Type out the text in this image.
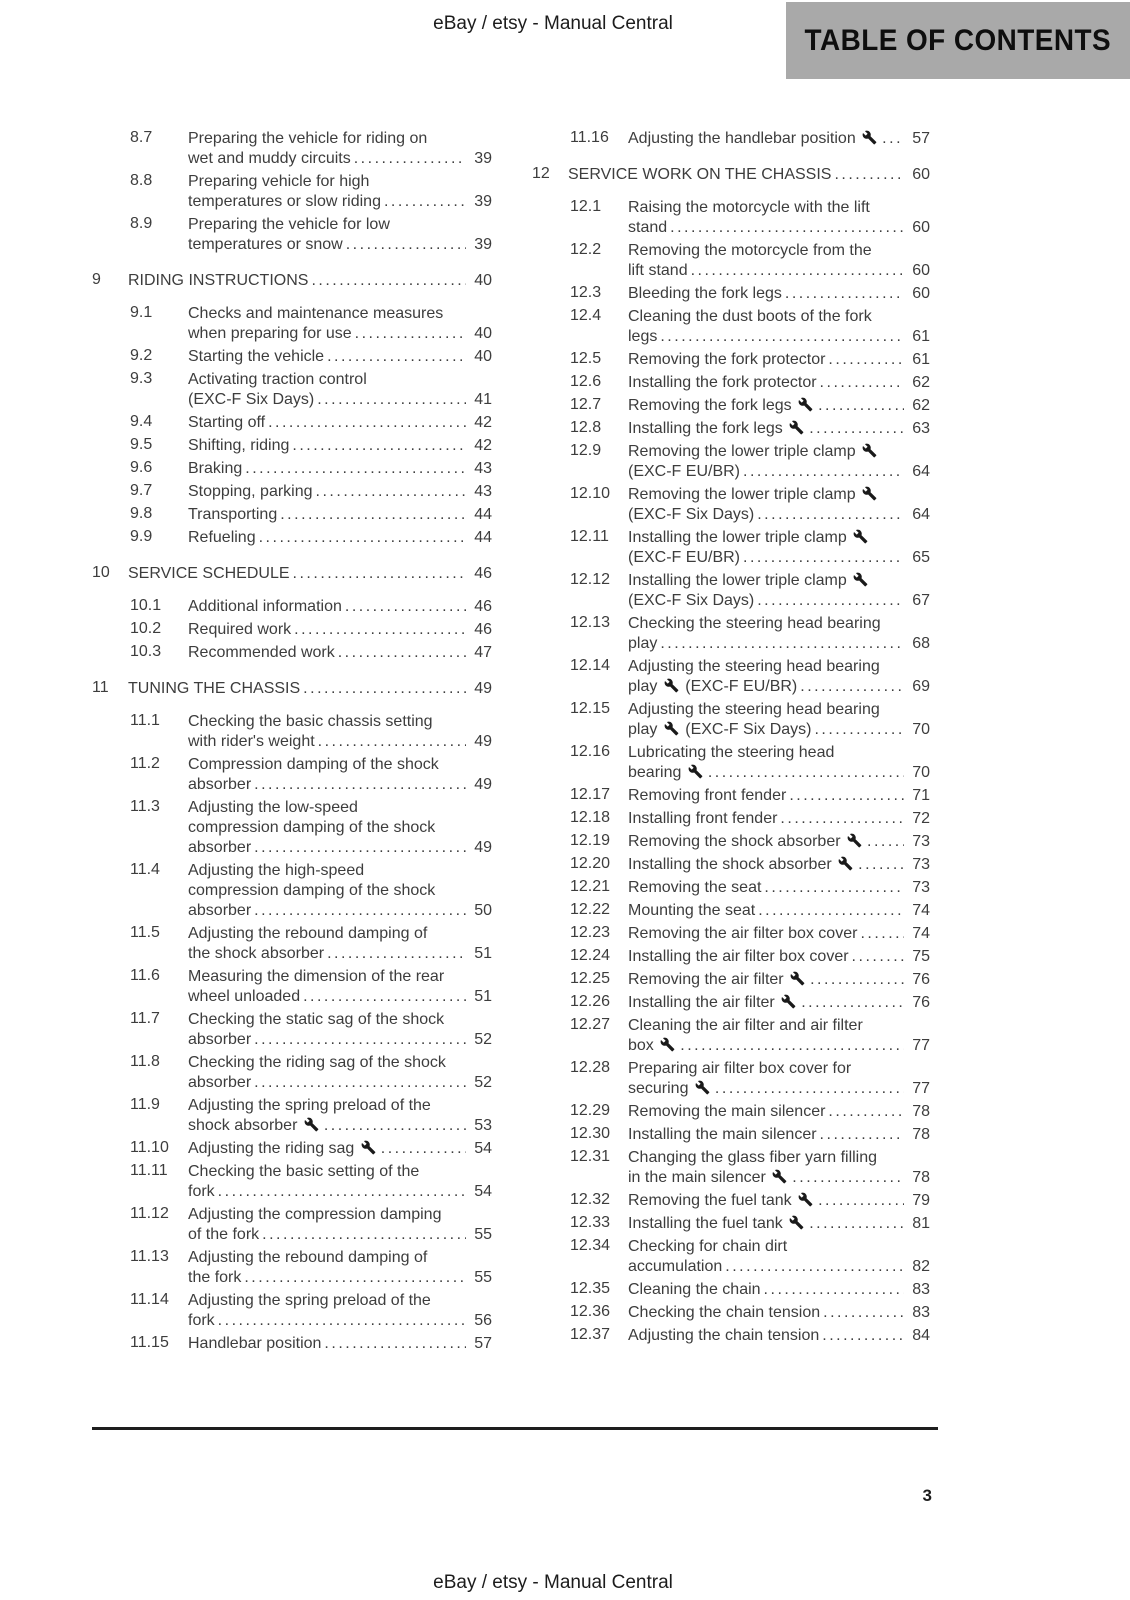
eBay / etsy - Manual Central	TABLE OF CONTENTS
8.7	Preparing the vehicle for riding on
wet and muddy circuits .....	39
8.8	Preparing vehicle for high
temperatures or slow riding .....	39
8.9	Preparing the vehicle for low
temperatures or snow .....	39
9	RIDING INSTRUCTIONS .....	40
9.1	Checks and maintenance measures
when preparing for use .....	40
9.2	Starting the vehicle .....	40
9.3	Activating traction control
(EXC-F Six Days) .....	41
9.4	Starting off .....	42
9.5	Shifting, riding .....	42
9.6	Braking .....	43
9.7	Stopping, parking .....	43
9.8	Transporting .....	44
9.9	Refueling .....	44
10	SERVICE SCHEDULE .....	46
10.1	Additional information .....	46
10.2	Required work .....	46
10.3	Recommended work .....	47
11	TUNING THE CHASSIS .....	49
11.1	Checking the basic chassis setting
with rider's weight .....	49
11.2	Compression damping of the shock
absorber .....	49
11.3	Adjusting the low-speed
compression damping of the shock
absorber .....	49
11.4	Adjusting the high-speed
compression damping of the shock
absorber .....	50
11.5	Adjusting the rebound damping of
the shock absorber .....	51
11.6	Measuring the dimension of the rear
wheel unloaded .....	51
11.7	Checking the static sag of the shock
absorber .....	52
11.8	Checking the riding sag of the shock
absorber .....	52
11.9	Adjusting the spring preload of the
shock absorber .....	53
11.10	Adjusting the riding sag .....	54
11.11	Checking the basic setting of the
fork .....	54
11.12	Adjusting the compression damping
of the fork .....	55
11.13	Adjusting the rebound damping of
the fork .....	55
11.14	Adjusting the spring preload of the
fork .....	56
11.15	Handlebar position .....	57
11.16	Adjusting the handlebar position .....	57
12	SERVICE WORK ON THE CHASSIS .....	60
12.1	Raising the motorcycle with the lift
stand .....	60
12.2	Removing the motorcycle from the
lift stand .....	60
12.3	Bleeding the fork legs .....	60
12.4	Cleaning the dust boots of the fork
legs .....	61
12.5	Removing the fork protector .....	61
12.6	Installing the fork protector .....	62
12.7	Removing the fork legs .....	62
12.8	Installing the fork legs .....	63
12.9	Removing the lower triple clamp
(EXC-F EU/BR) .....	64
12.10	Removing the lower triple clamp
(EXC-F Six Days) .....	64
12.11	Installing the lower triple clamp
(EXC-F EU/BR) .....	65
12.12	Installing the lower triple clamp
(EXC-F Six Days) .....	67
12.13	Checking the steering head bearing
play .....	68
12.14	Adjusting the steering head bearing
play  (EXC-F EU/BR) .....	69
12.15	Adjusting the steering head bearing
play  (EXC-F Six Days) .....	70
12.16	Lubricating the steering head
bearing .....	70
12.17	Removing front fender .....	71
12.18	Installing front fender .....	72
12.19	Removing the shock absorber .....	73
12.20	Installing the shock absorber .....	73
12.21	Removing the seat .....	73
12.22	Mounting the seat .....	74
12.23	Removing the air filter box cover .....	74
12.24	Installing the air filter box cover .....	75
12.25	Removing the air filter .....	76
12.26	Installing the air filter .....	76
12.27	Cleaning the air filter and air filter
box .....	77
12.28	Preparing air filter box cover for
securing .....	77
12.29	Removing the main silencer .....	78
12.30	Installing the main silencer .....	78
12.31	Changing the glass fiber yarn filling
in the main silencer .....	78
12.32	Removing the fuel tank .....	79
12.33	Installing the fuel tank .....	81
12.34	Checking for chain dirt
accumulation .....	82
12.35	Cleaning the chain .....	83
12.36	Checking the chain tension .....	83
12.37	Adjusting the chain tension .....	84
3
eBay / etsy - Manual Central
